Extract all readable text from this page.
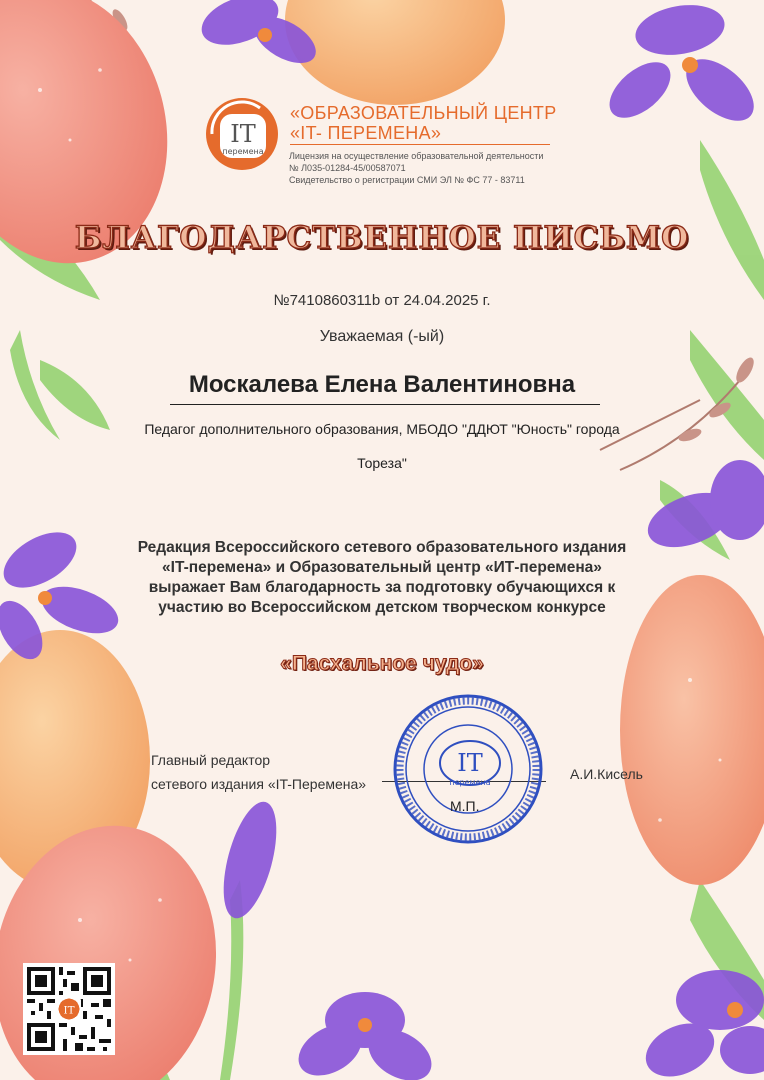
IT
перемена
«ОБРАЗОВАТЕЛЬНЫЙ ЦЕНТР
«IT- ПЕРЕМЕНА»
Лицензия на осуществление образовательной деятельности
№ Л035-01284-45/00587071
Свидетельство о регистрации СМИ ЭЛ № ФС 77 - 83711
БЛАГОДАРСТВЕННОЕ ПИСЬМО
№7410860311b от 24.04.2025 г.
Уважаемая (-ый)
Москалева Елена Валентиновна
Педагог дополнительного образования, МБОДО "ДДЮТ "Юность" города
Тореза"
Редакция Всероссийского сетевого образовательного издания
«IT-перемена» и Образовательный центр «ИТ-перемена»
выражает Вам благодарность за подготовку обучающихся к
участию во Всероссийском детском творческом конкурсе
«Пасхальное чудо»
Главный редактор
сетевого издания «IT-Перемена»
А.И.Кисель
IT
перемена
М.П.
IT
